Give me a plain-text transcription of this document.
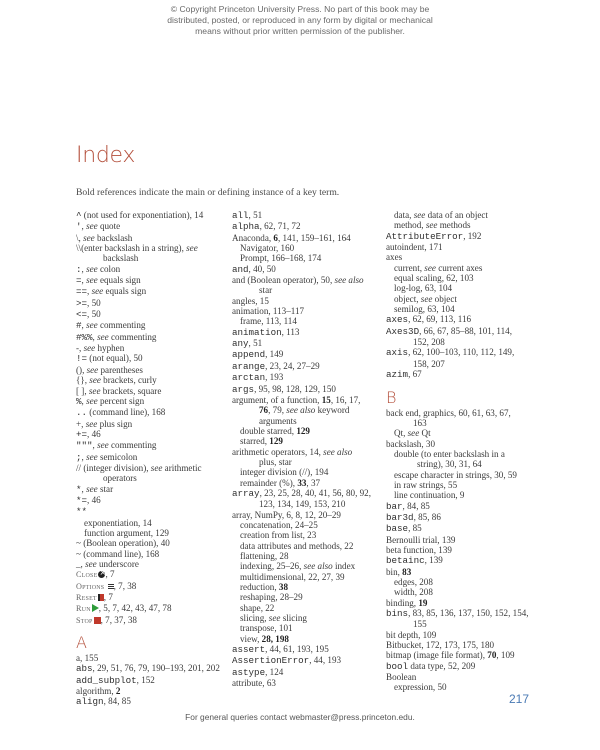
© Copyright Princeton University Press. No part of this book may be
distributed, posted, or reproduced in any form by digital or mechanical
means without prior written permission of the publisher.
Index
Bold references indicate the main or defining instance of a key term.
^ (not used for exponentiation), 14
', see quote
\, see backslash
\\(enter backslash in a string), see
backslash
:, see colon
=, see equals sign
==, see equals sign
>=, 50
<=, 50
#, see commenting
#%%, see commenting
-, see hyphen
!= (not equal), 50
(), see parentheses
{}, see brackets, curly
[ ], see brackets, square
%, see percent sign
.. (command line), 168
+, see plus sign
+=, 46
""", see commenting
;, see semicolon
// (integer division), see arithmetic
operators
*, see star
*=, 46
**
exponentiation, 14
function argument, 129
~ (Boolean operation), 40
~ (command line), 168
_, see underscore
Close × , 7
Options , 7, 38
Reset , 7
Run , 5, 7, 42, 43, 47, 78
Stop , 7, 37, 38
A
a, 155
abs, 29, 51, 76, 79, 190–193, 201, 202
add_subplot, 152
algorithm, 2
align, 84, 85
all, 51
alpha, 62, 71, 72
Anaconda, 6, 141, 159–161, 164
Navigator, 160
Prompt, 166–168, 174
and, 40, 50
and (Boolean operator), 50, see also
star
angles, 15
animation, 113–117
frame, 113, 114
animation, 113
any, 51
append, 149
arange, 23, 24, 27–29
arctan, 193
args, 95, 98, 128, 129, 150
argument, of a function, 15, 16, 17,
76, 79, see also keyword
arguments
double starred, 129
starred, 129
arithmetic operators, 14, see also
plus, star
integer division (//), 194
remainder (%), 33, 37
array, 23, 25, 28, 40, 41, 56, 80, 92,
123, 134, 149, 153, 210
array, NumPy, 6, 8, 12, 20–29
concatenation, 24–25
creation from list, 23
data attributes and methods, 22
flattening, 28
indexing, 25–26, see also index
multidimensional, 22, 27, 39
reduction, 38
reshaping, 28–29
shape, 22
slicing, see slicing
transpose, 101
view, 28, 198
assert, 44, 61, 193, 195
AssertionError, 44, 193
astype, 124
attribute, 63
data, see data of an object
method, see methods
AttributeError, 192
autoindent, 171
axes
current, see current axes
equal scaling, 62, 103
log-log, 63, 104
object, see object
semilog, 63, 104
axes, 62, 69, 113, 116
Axes3D, 66, 67, 85–88, 101, 114,
152, 208
axis, 62, 100–103, 110, 112, 149,
158, 207
azim, 67
B
back end, graphics, 60, 61, 63, 67,
163
Qt, see Qt
backslash, 30
double (to enter backslash in a
string), 30, 31, 64
escape character in strings, 30, 59
in raw strings, 55
line continuation, 9
bar, 84, 85
bar3d, 85, 86
base, 85
Bernoulli trial, 139
beta function, 139
betainc, 139
bin, 83
edges, 208
width, 208
binding, 19
bins, 83, 85, 136, 137, 150, 152, 154,
155
bit depth, 109
Bitbucket, 172, 173, 175, 180
bitmap (image file format), 70, 109
bool data type, 52, 209
Boolean
expression, 50
217
For general queries contact webmaster@press.princeton.edu.
